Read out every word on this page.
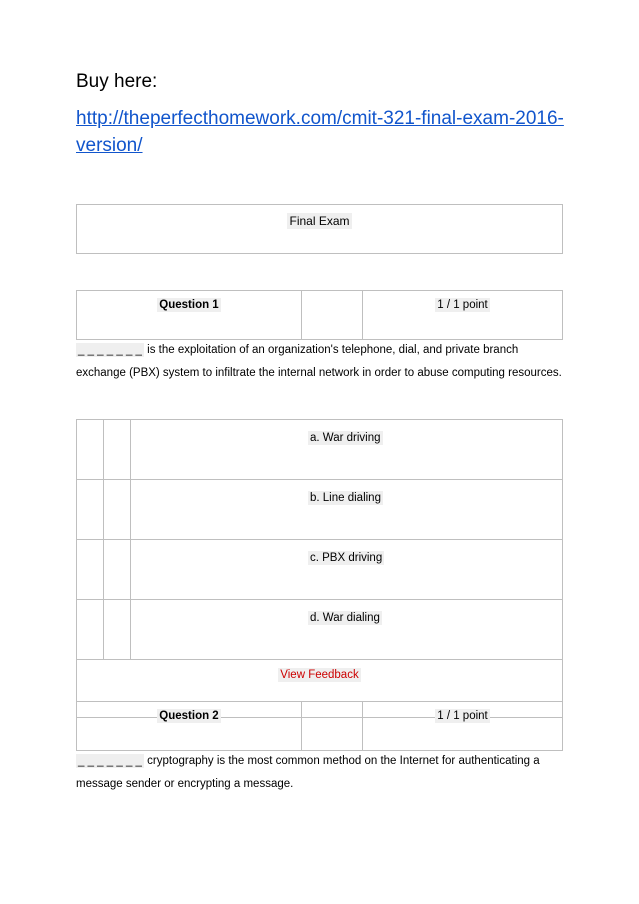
Buy here:
http://theperfecthomework.com/cmit-321-final-exam-2016-version/
Final Exam
Question 1		1 / 1 point
_ _ _ _ _ _ _ is the exploitation of an organization's telephone, dial, and private branch exchange (PBX) system to infiltrate the internal network in order to abuse computing resources.
		a. War driving
		b. Line dialing
		c. PBX driving
		d. War dialing
View Feedback		
Question 2		1 / 1 point
_ _ _ _ _ _ _ cryptography is the most common method on the Internet for authenticating a message sender or encrypting a message.
